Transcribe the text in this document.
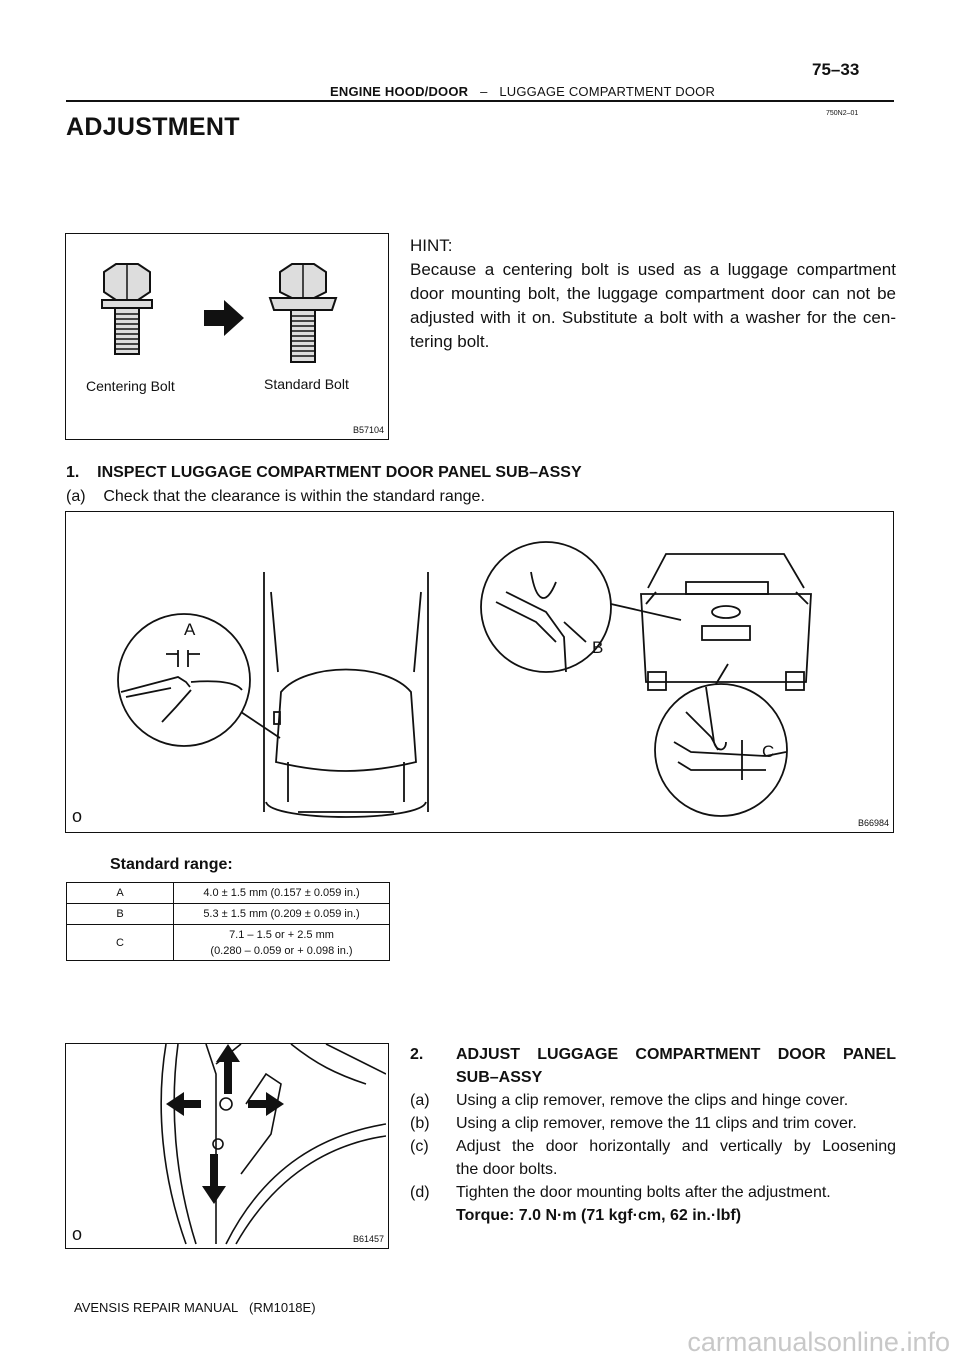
75–33
ENGINE HOOD/DOOR – LUGGAGE COMPARTMENT DOOR
750N2–01
ADJUSTMENT
Centering Bolt	Standard Bolt
B57104
HINT:
Because a centering bolt is used as a luggage compartment
door mounting bolt, the luggage compartment door can not be
adjusted with it on. Substitute a bolt with a washer for the cen-
tering bolt.
1.    INSPECT LUGGAGE COMPARTMENT DOOR PANEL SUB–ASSY
(a)    Check that the clearance is within the standard range.
A
B
C
o	B66984
Standard range:
A	4.0 ± 1.5 mm (0.157 ± 0.059 in.)
B	5.3 ± 1.5 mm (0.209 ± 0.059 in.)
C	7.1 – 1.5 or + 2.5 mm
(0.280 – 0.059 or + 0.098 in.)
o	B61457
2. ADJUST LUGGAGE COMPARTMENT DOOR PANEL
SUB–ASSY
(a) Using a clip remover, remove the clips and hinge cover.
(b) Using a clip remover, remove the 11 clips and trim cover.
(c) Adjust the door horizontally and vertically by Loosening
the door bolts.
(d) Tighten the door mounting bolts after the adjustment.
Torque: 7.0 N·m (71 kgf·cm, 62 in.·lbf)
AVENSIS REPAIR MANUAL   (RM1018E)
carmanualsonline.info
